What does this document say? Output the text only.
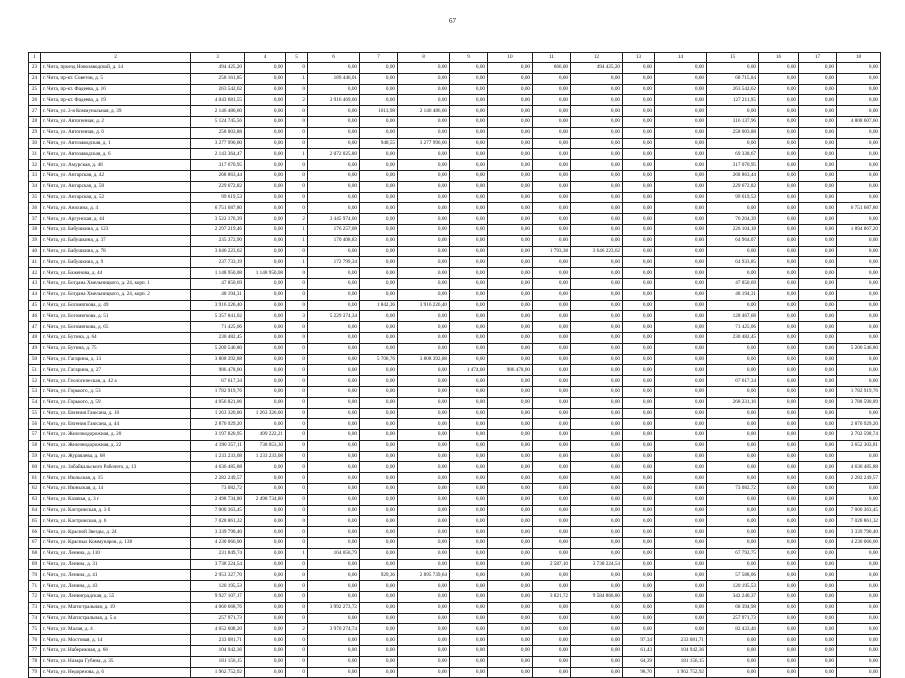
67
1	2	3	4	5	6	7	8	9	10	11	12	13	14	15	16	17	18
23	г. Чита, проезд Новозаводской, д. 14	494 425,20	0,00	0	0,00	0,00	0,00	0,00	0,00	666,00	494 425,20	0,00	0,00	0,00	0,00	0,00	0,00
24	г. Чита, пр-кт. Советов, д. 5	258 161,85	0,00	1	189 446,01	0,00	0,00	0,00	0,00	0,00	0,00	0,00	0,00	68 715,84	0,00	0,00	0,00
25	г. Чита, пр-кт. Фадеева, д. 10	263 542,62	0,00	0	0,00	0,00	0,00	0,00	0,00	0,00	0,00	0,00	0,00	263 542,62	0,00	0,00	0,00
26	г. Чита, пр-кт. Фадеева, д. 19	4 043 681,55	0,00	2	3 916 469,60	0,00	0,00	0,00	0,00	0,00	0,00	0,00	0,00	127 211,95	0,00	0,00	0,00
27	г. Чита, ул. 2-я Коммунальная, д. 39	2 146 486,60	0,00	0	0,00	1013,98	2 146 486,60	0,00	0,00	0,00	0,00	0,00	0,00	0,00	0,00	0,00	0,00
28	г. Чита, ул. Автогенная, д. 2	5 124 745,56	0,00	0	0,00	0,00	0,00	0,00	0,00	0,00	0,00	0,00	0,00	316 137,96	0,00	0,00	4 808 607,60
29	г. Чита, ул. Автогенная, д. 6	258 003,88	0,00	0	0,00	0,00	0,00	0,00	0,00	0,00	0,00	0,00	0,00	258 003,88	0,00	0,00	0,00
30	г. Чита, ул. Автозаводская, д. 1	3 277 996,00	0,00	0	0,00	948,55	3 277 996,00	0,00	0,00	0,00	0,00	0,00	0,00	0,00	0,00	0,00	0,00
31	г. Чита, ул. Автозаводская, д. 6	2 143 364,47	0,00	1	2 072 025,80	0,00	0,00	0,00	0,00	0,00	0,00	0,00	0,00	69 338,67	0,00	0,00	0,00
32	г. Чита, ул. Амурская, д. 48	317 070,95	0,00	0	0,00	0,00	0,00	0,00	0,00	0,00	0,00	0,00	0,00	317 070,95	0,00	0,00	0,00
33	г. Чита, ул. Ангарская, д. 42	268 863,44	0,00	0	0,00	0,00	0,00	0,00	0,00	0,00	0,00	0,00	0,00	268 863,44	0,00	0,00	0,00
34	г. Чита, ул. Ангарская, д. 50	229 672,82	0,00	0	0,00	0,00	0,00	0,00	0,00	0,00	0,00	0,00	0,00	229 672,82	0,00	0,00	0,00
35	г. Чита, ул. Ангарская, д. 52	99 619,53	0,00	0	0,00	0,00	0,00	0,00	0,00	0,00	0,00	0,00	0,00	99 619,53	0,00	0,00	0,00
36	г. Чита, ул. Анохина, д. 4	6 751 687,80	0,00	0	0,00	0,00	0,00	0,00	0,00	0,00	0,00	0,00	0,00	0,00	0,00	0,00	6 751 687,80
37	г. Чита, ул. Аргунская, д. 44	3 522 176,39	0,00	2	3 445 974,00	0,00	0,00	0,00	0,00	0,00	0,00	0,00	0,00	76 204,39	0,00	0,00	0,00
38	г. Чита, ул. Бабушкина, д. 123	2 297 219,46	0,00	1	176 257,08	0,00	0,00	0,00	0,00	0,00	0,00	0,00	0,00	226 104,18	0,00	0,00	1 894 867,20
39	г. Чита, ул. Бабушкина, д. 37	235 372,90	0,00	1	170 408,83	0,00	0,00	0,00	0,00	0,00	0,00	0,00	0,00	64 964,07	0,00	0,00	0,00
40	г. Чита, ул. Бабушкина, д. 78	3 646 223,62	0,00	0	0,00	0,00	0,00	0,00	0,00	1 793,38	3 646 223,62	0,00	0,00	0,00	0,00	0,00	0,00
41	г. Чита, ул. Бабушкина, д. 9	237 733,19	0,00	1	172 799,34	0,00	0,00	0,00	0,00	0,00	0,00	0,00	0,00	64 933,85	0,00	0,00	0,00
42	г. Чита, ул. Баженова, д. 44	1 148 950,08	1 148 950,08	0	0,00	0,00	0,00	0,00	0,00	0,00	0,00	0,00	0,00	0,00	0,00	0,00	0,00
43	г. Чита, ул. Богдана Хмельницкого, д. 24, корп. 1	47 850,69	0,00	0	0,00	0,00	0,00	0,00	0,00	0,00	0,00	0,00	0,00	47 850,69	0,00	0,00	0,00
44	г. Чита, ул. Богдана Хмельницкого, д. 24, корп. 2	48 194,31	0,00	0	0,00	0,00	0,00	0,00	0,00	0,00	0,00	0,00	0,00	48 194,31	0,00	0,00	0,00
45	г. Чита, ул. Богомягкова, д. 49	3 916 226,40	0,00	0	0,00	1 842,36	3 916 226,40	0,00	0,00	0,00	0,00	0,00	0,00	0,00	0,00	0,00	0,00
46	г. Чита, ул. Богомягкова, д. 51	5 357 841,02	0,00	3	5 229 374,34	0,00	0,00	0,00	0,00	0,00	0,00	0,00	0,00	128 467,68	0,00	0,00	0,00
47	г. Чита, ул. Богомягкова, д. 65	71 425,06	0,00	0	0,00	0,00	0,00	0,00	0,00	0,00	0,00	0,00	0,00	71 425,06	0,00	0,00	0,00
48	г. Чита, ул. Бутина, д. 64	230 482,45	0,00	0	0,00	0,00	0,00	0,00	0,00	0,00	0,00	0,00	0,00	230 482,45	0,00	0,00	0,00
49	г. Чита, ул. Бутина, д. 75	5 200 546,80	0,00	0	0,00	0,00	0,00	0,00	0,00	0,00	0,00	0,00	0,00	0,00	0,00	0,00	5 200 546,80
50	г. Чита, ул. Гагарина, д. 13	3 808 392,88	0,00	0	0,00	5 708,76	3 808 392,88	0,00	0,00	0,00	0,00	0,00	0,00	0,00	0,00	0,00	0,00
51	г. Чита, ул. Гагарина, д. 27	986 478,00	0,00	0	0,00	0,00	0,00	1 474,00	986 478,00	0,00	0,00	0,00	0,00	0,00	0,00	0,00	0,00
52	г. Чита, ул. Геологическая, д. 42 а	67 617,34	0,00	0	0,00	0,00	0,00	0,00	0,00	0,00	0,00	0,00	0,00	67 617,34	0,00	0,00	0,00
53	г. Чита, ул. Горького, д. 53	1 782 919,76	0,00	0	0,00	0,00	0,00	0,00	0,00	0,00	0,00	0,00	0,00	0,00	0,00	0,00	1 782 919,76
54	г. Чита, ул. Горького, д. 59	4 056 821,06	0,00	0	0,00	0,00	0,00	0,00	0,00	0,00	0,00	0,00	0,00	268 231,16	0,00	0,00	3 788 590,89
55	г. Чита, ул. Евгения Гаюсана, д. 10	1 263 326,00	1 263 326,00	0	0,00	0,00	0,00	0,00	0,00	0,00	0,00	0,00	0,00	0,00	0,00	0,00	0,00
56	г. Чита, ул. Евгения Гаюсана, д. 44	2 870 929,20	0,00	0	0,00	0,00	0,00	0,00	0,00	0,00	0,00	0,00	0,00	0,00	0,00	0,00	2 870 929,20
57	г. Чита, ул. Железнодорожная, д. 20	3 197 820,95	499 222,21	0	0,00	0,00	0,00	0,00	0,00	0,00	0,00	0,00	0,00	0,00	0,00	0,00	2 702 598,74
58	г. Чита, ул. Железнодорожная, д. 22	4 390 357,11	738 053,30	0	0,00	0,00	0,00	0,00	0,00	0,00	0,00	0,00	0,00	0,00	0,00	0,00	3 652 303,81
59	г. Чита, ул. Журавлева, д. 68	1 233 233,08	1 233 233,08	0	0,00	0,00	0,00	0,00	0,00	0,00	0,00	0,00	0,00	0,00	0,00	0,00	0,00
60	г. Чита, ул. Забайкальского Рабочего, д. 13	4 636 485,88	0,00	0	0,00	0,00	0,00	0,00	0,00	0,00	0,00	0,00	0,00	0,00	0,00	0,00	4 636 485,88
61	г. Чита, ул. Июльская, д. 15	2 282 249,57	0,00	0	0,00	0,00	0,00	0,00	0,00	0,00	0,00	0,00	0,00	0,00	0,00	0,00	2 282 249,57
62	г. Чита, ул. Июньская, д. 14	73 082,72	0,00	0	0,00	0,00	0,00	0,00	0,00	0,00	0,00	0,00	0,00	73 082,72	0,00	0,00	0,00
63	г. Чита, ул. Казачья, д. 3 г	2 498 734,80	2 498 734,80	0	0,00	0,00	0,00	0,00	0,00	0,00	0,00	0,00	0,00	0,00	0,00	0,00	0,00
64	г. Чита, ул. Кастринская, д. 3 б	7 000 363,45	0,00	0	0,00	0,00	0,00	0,00	0,00	0,00	0,00	0,00	0,00	0,00	0,00	0,00	7 000 363,45
65	г. Чита, ул. Кастринская, д. 6	7 028 861,32	0,00	0	0,00	0,00	0,00	0,00	0,00	0,00	0,00	0,00	0,00	0,00	0,00	0,00	7 028 861,32
66	г. Чита, ул. Красной Звезды, д. 24	3 339 790,40	0,00	0	0,00	0,00	0,00	0,00	0,00	0,00	0,00	0,00	0,00	0,00	0,00	0,00	3 339 790,40
67	г. Чита, ул. Красных Коммунаров, д. 138	4 230 066,00	0,00	0	0,00	0,00	0,00	0,00	0,00	0,00	0,00	0,00	0,00	0,00	0,00	0,00	4 230 066,00
68	г. Чита, ул. Ленина, д. 110	231 849,74	0,00	1	164 056,79	0,00	0,00	0,00	0,00	0,00	0,00	0,00	0,00	67 792,75	0,00	0,00	0,00
69	г. Чита, ул. Ленина, д. 31	3 738 224,54	0,00	0	0,00	0,00	0,00	0,00	0,00	2 587,10	3 738 224,54	0,00	0,00	0,00	0,00	0,00	0,00
70	г. Чита, ул. Ленина, д. 41	2 953 327,70	0,00	0	0,00	929,36	2 895 739,64	0,00	0,00	0,00	0,00	0,00	0,00	57 588,06	0,00	0,00	0,00
71	г. Чита, ул. Ленина, д. 43	120 195,53	0,00	0	0,00	0,00	0,00	0,00	0,00	0,00	0,00	0,00	0,00	120 195,53	0,00	0,00	0,00
72	г. Чита, ул. Ленинградская, д. 55	9 927 107,17	0,00	0	0,00	0,00	0,00	0,00	0,00	3 821,72	9 584 866,80	0,00	0,00	342 240,37	0,00	0,00	0,00
73	г. Чита, ул. Магистральная, д. 19	4 060 668,76	0,00	0	3 992 273,72	0,00	0,00	0,00	0,00	0,00	0,00	0,00	0,00	68 394,98	0,00	0,00	0,00
74	г. Чита, ул. Магистральная, д. 5 а	257 971,73	0,00	0	0,00	0,00	0,00	0,00	0,00	0,00	0,00	0,00	0,00	257 971,73	0,00	0,00	0,00
75	г. Чита, ул. Малая, д. 4	4 052 608,20	0,00	2	3 970 274,74	0,00	0,00	0,00	0,00	0,00	0,00	0,00	0,00	82 433,46	0,00	0,00	0,00
76	г. Чита, ул. Мостовая, д. 14	233 081,71	0,00	0	0,00	0,00	0,00	0,00	0,00	0,00	0,00	97,34	233 081,71	0,00	0,00	0,00	0,00
77	г. Чита, ул. Набережная, д. 66	104 942,36	0,00	0	0,00	0,00	0,00	0,00	0,00	0,00	0,00	61,43	104 942,36	0,00	0,00	0,00	0,00
78	г. Чита, ул. Назара Губина, д. 35	181 156,15	0,00	0	0,00	0,00	0,00	0,00	0,00	0,00	0,00	64,39	181 156,15	0,00	0,00	0,00	0,00
79	г. Чита, ул. Недорезова, д. 6	1 962 752,92	0,00	0	0,00	0,00	0,00	0,00	0,00	0,00	0,00	98,70	1 962 752,92	0,00	0,00	0,00	0,00
